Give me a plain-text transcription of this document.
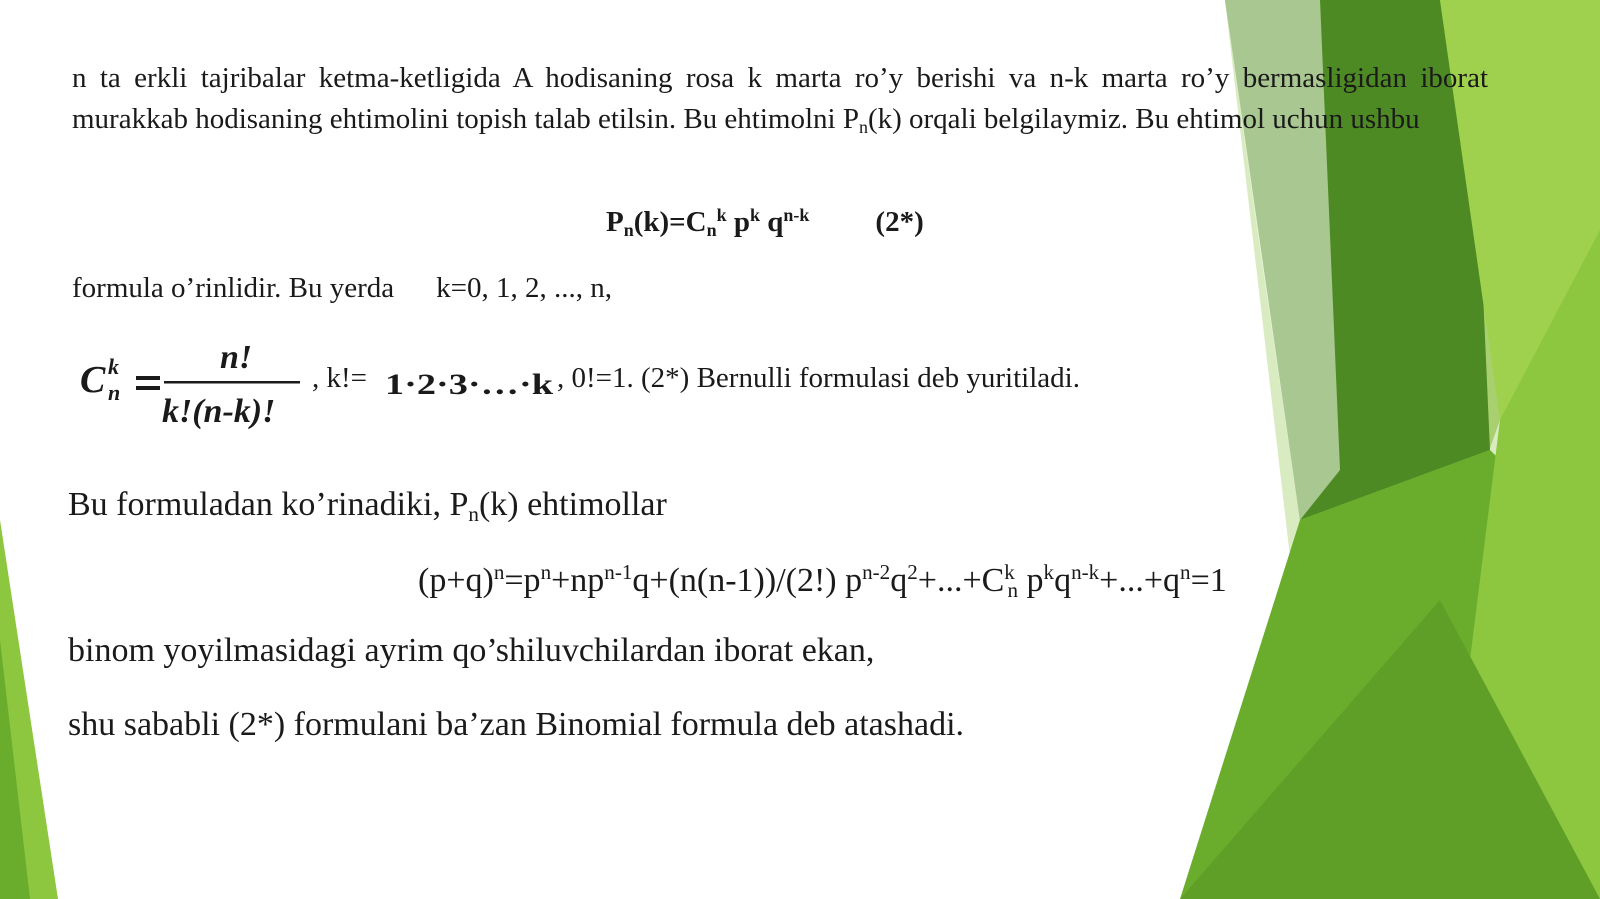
n ta erkli tajribalar ketma-ketligida A hodisaning rosa k marta ro’y berishi va n-k marta ro’y bermasligidan iborat murakkab hodisaning ehtimolini topish talab etilsin. Bu ehtimolni $P_n(k)$ orqali belgilaymiz. Bu ehtimol uchun ushbu

$P_n(k)=C_n^k$ $p^k$ $q^{n-k}$ (2*)

formula o’rinlidir. Bu yerda k=0, 1, 2, ..., n,

C k
n
n!
k!(n-k)!

, k!= 1·2·3·…·k , 0!=1. (2*) Bernulli formulasi deb yuritiladi.

Bu formuladan ko’rinadiki, $P_n(k)$ ehtimollar

$(p+q)^n=p^n+np^{n-1}q+(n(n-1))/(2!)$ $p^{n-2}q^2+...+C^k_n$ $p^kq^{n-k}+...+q^n=1$

binom yoyilmasidagi ayrim qo’shiluvchilardan iborat ekan,

shu sababli (2*) formulani ba’zan Binomial formula deb atashadi.
